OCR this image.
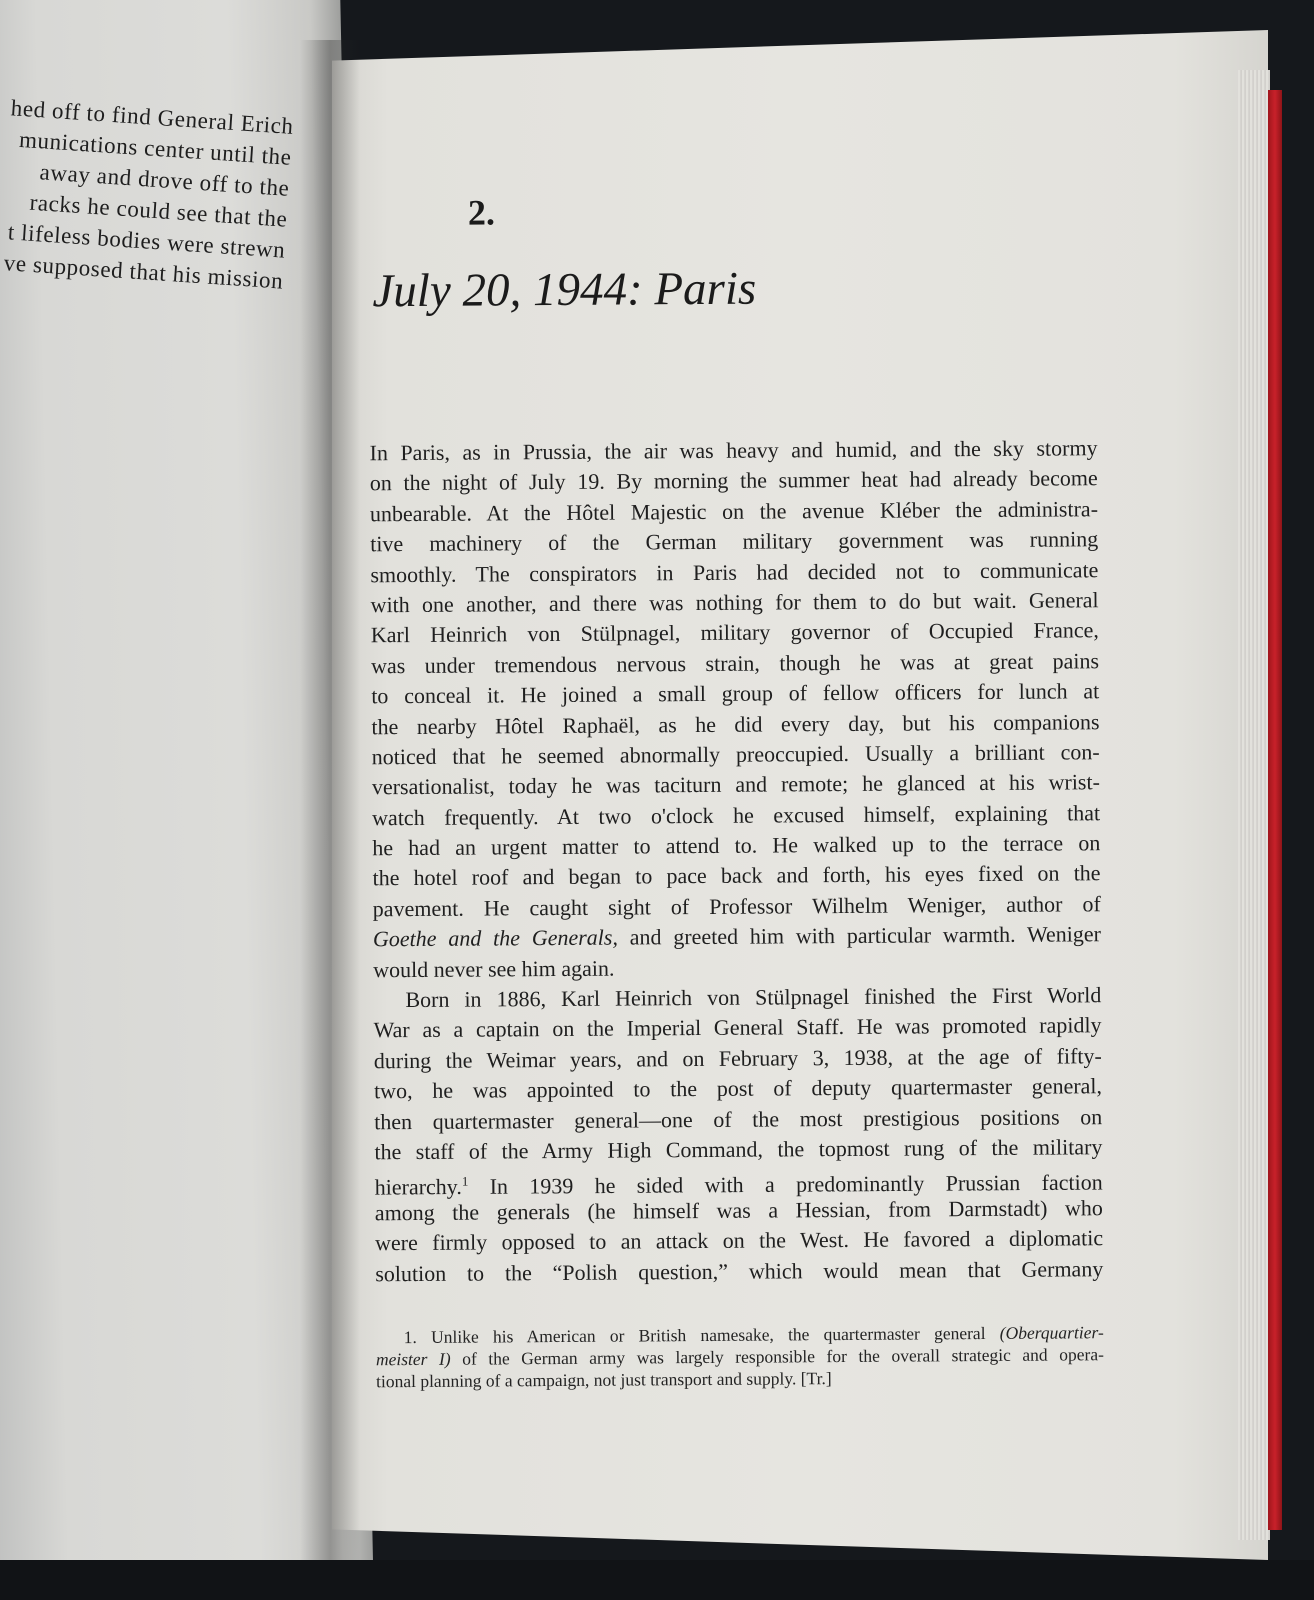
hed off to find General Erich
munications center until the
away and drove off to the
racks he could see that the
t lifeless bodies were strewn
ve supposed that his mission
2.
July 20, 1944: Paris
In Paris, as in Prussia, the air was heavy and humid, and the sky stormy
on the night of July 19. By morning the summer heat had already become
unbearable. At the Hôtel Majestic on the avenue Kléber the administra-
tive machinery of the German military government was running
smoothly. The conspirators in Paris had decided not to communicate
with one another, and there was nothing for them to do but wait. General
Karl Heinrich von Stülpnagel, military governor of Occupied France,
was under tremendous nervous strain, though he was at great pains
to conceal it. He joined a small group of fellow officers for lunch at
the nearby Hôtel Raphaël, as he did every day, but his companions
noticed that he seemed abnormally preoccupied. Usually a brilliant con-
versationalist, today he was taciturn and remote; he glanced at his wrist-
watch frequently. At two o'clock he excused himself, explaining that
he had an urgent matter to attend to. He walked up to the terrace on
the hotel roof and began to pace back and forth, his eyes fixed on the
pavement. He caught sight of Professor Wilhelm Weniger, author of
Goethe and the Generals, and greeted him with particular warmth. Weniger
would never see him again.
Born in 1886, Karl Heinrich von Stülpnagel finished the First World
War as a captain on the Imperial General Staff. He was promoted rapidly
during the Weimar years, and on February 3, 1938, at the age of fifty-
two, he was appointed to the post of deputy quartermaster general,
then quartermaster general—one of the most prestigious positions on
the staff of the Army High Command, the topmost rung of the military
hierarchy.$^1$ In 1939 he sided with a predominantly Prussian faction
among the generals (he himself was a Hessian, from Darmstadt) who
were firmly opposed to an attack on the West. He favored a diplomatic
solution to the “Polish question,” which would mean that Germany
1. Unlike his American or British namesake, the quartermaster general (Oberquartier-
meister I) of the German army was largely responsible for the overall strategic and opera-
tional planning of a campaign, not just transport and supply. [Tr.]
